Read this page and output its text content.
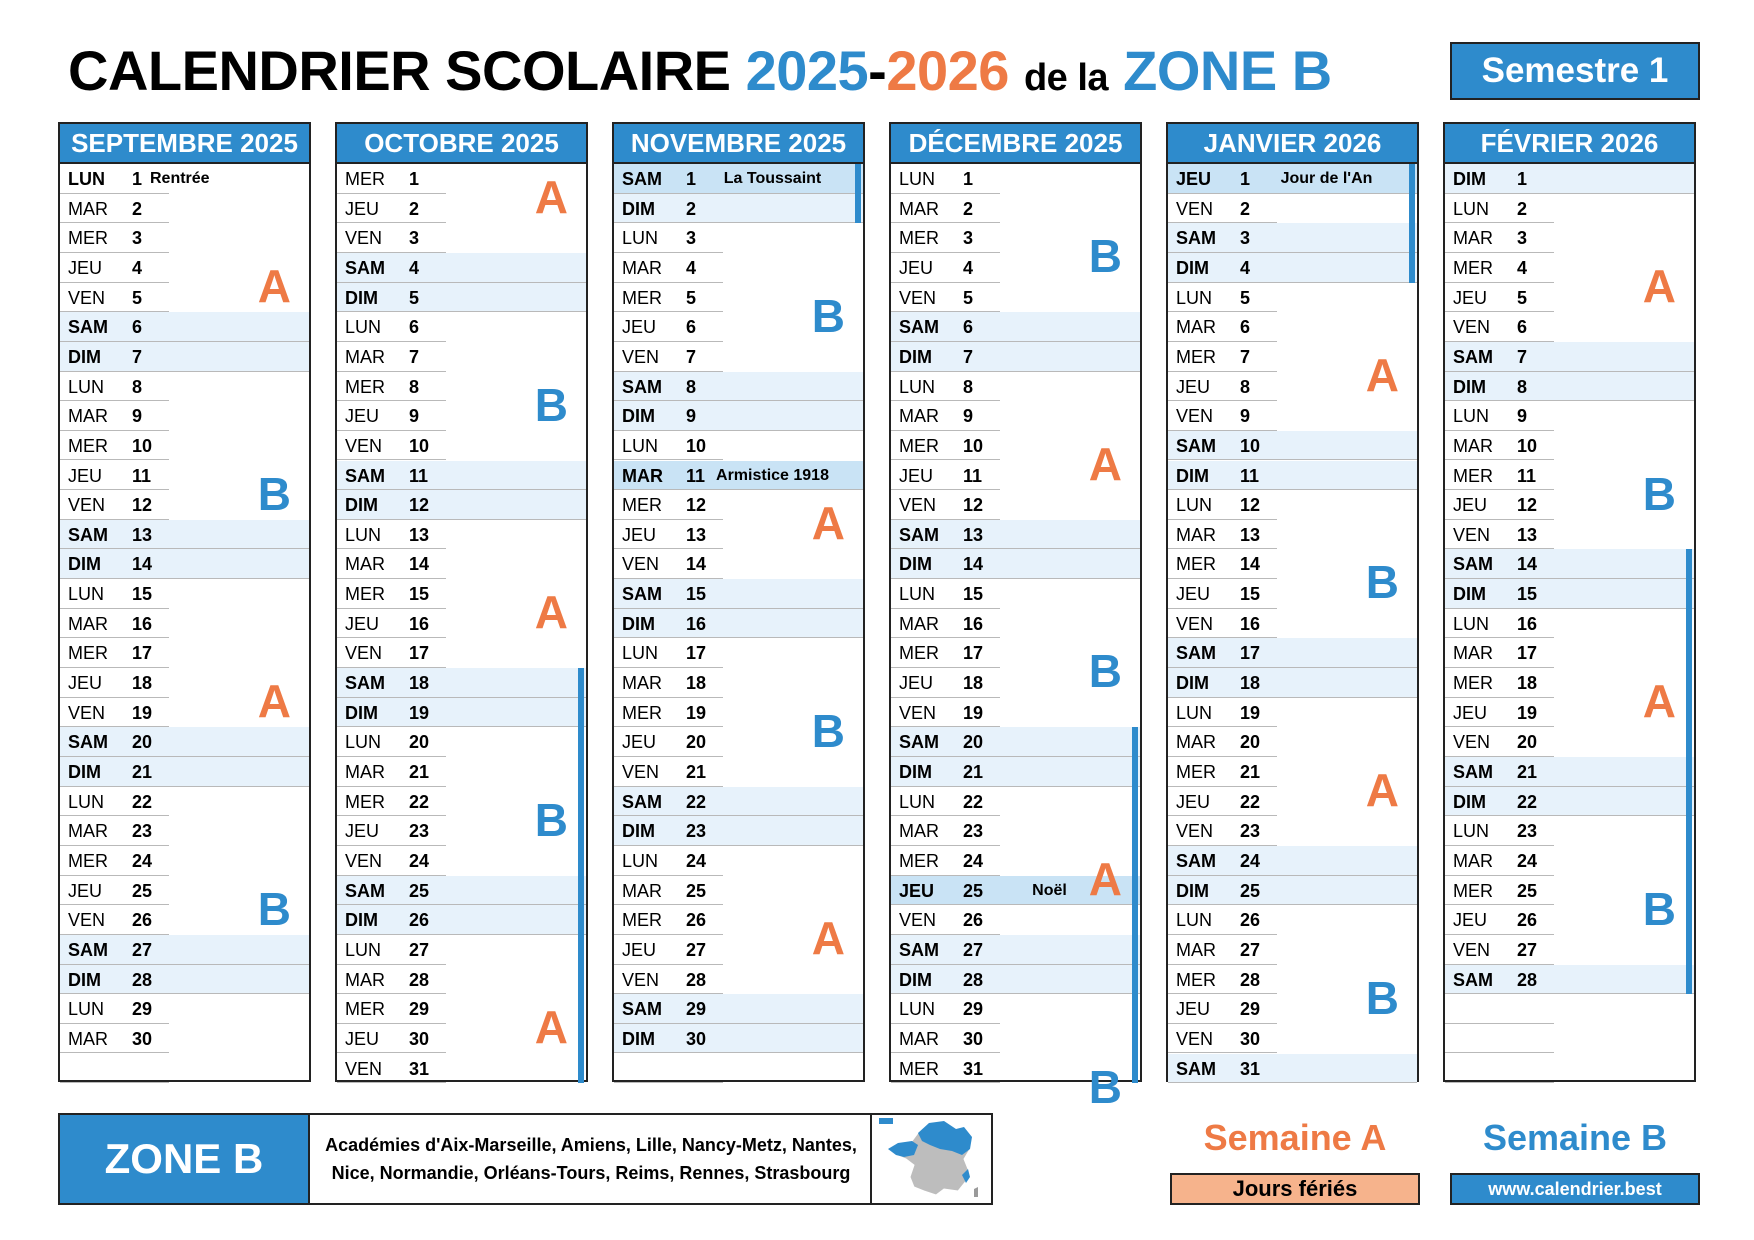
CALENDRIER SCOLAIRE 2025-2026 de la ZONE B	Semestre 1
SEPTEMBRE 2025
LUN 1 Rentrée
MAR 2
MER 3
JEU 4
VEN 5
SAM 6
DIM 7
LUN 8
MAR 9
MER 10
JEU 11
VEN 12
SAM 13
DIM 14
LUN 15
MAR 16
MER 17
JEU 18
VEN 19
SAM 20
DIM 21
LUN 22
MAR 23
MER 24
JEU 25
VEN 26
SAM 27
DIM 28
LUN 29
MAR 30
A
B
A
B
OCTOBRE 2025
MER 1
JEU 2
VEN 3
SAM 4
DIM 5
LUN 6
MAR 7
MER 8
JEU 9
VEN 10
SAM 11
DIM 12
LUN 13
MAR 14
MER 15
JEU 16
VEN 17
SAM 18
DIM 19
LUN 20
MAR 21
MER 22
JEU 23
VEN 24
SAM 25
DIM 26
LUN 27
MAR 28
MER 29
JEU 30
VEN 31
A
B
A
B
A
NOVEMBRE 2025
SAM 1	La Toussaint
DIM 2
LUN 3
MAR 4
MER 5
JEU 6
VEN 7
SAM 8
DIM 9
LUN 10
MAR 11 Armistice 1918
MER 12
JEU 13
VEN 14
SAM 15
DIM 16
LUN 17
MAR 18
MER 19
JEU 20
VEN 21
SAM 22
DIM 23
LUN 24
MAR 25
MER 26
JEU 27
VEN 28
SAM 29
DIM 30
B
A
B
A
DÉCEMBRE 2025
LUN 1
MAR 2
MER 3
JEU 4
VEN 5
SAM 6
DIM 7
LUN 8
MAR 9
MER 10
JEU 11
VEN 12
SAM 13
DIM 14
LUN 15
MAR 16
MER 17
JEU 18
VEN 19
SAM 20
DIM 21
LUN 22
MAR 23
MER 24
JEU 25	Noël
VEN 26
SAM 27
DIM 28
LUN 29
MAR 30
MER 31
B
A
B
A
B
JANVIER 2026
JEU 1	Jour de l'An
VEN 2
SAM 3
DIM 4
LUN 5
MAR 6
MER 7
JEU 8
VEN 9
SAM 10
DIM 11
LUN 12
MAR 13
MER 14
JEU 15
VEN 16
SAM 17
DIM 18
LUN 19
MAR 20
MER 21
JEU 22
VEN 23
SAM 24
DIM 25
LUN 26
MAR 27
MER 28
JEU 29
VEN 30
SAM 31
A
B
A
B
FÉVRIER 2026
DIM 1
LUN 2
MAR 3
MER 4
JEU 5
VEN 6
SAM 7
DIM 8
LUN 9
MAR 10
MER 11
JEU 12
VEN 13
SAM 14
DIM 15
LUN 16
MAR 17
MER 18
JEU 19
VEN 20
SAM 21
DIM 22
LUN 23
MAR 24
MER 25
JEU 26
VEN 27
SAM 28
A
B
A
B
ZONE B	Académies d'Aix-Marseille, Amiens, Lille, Nancy-Metz, Nantes, Nice, Normandie, Orléans-Tours, Reims, Rennes, Strasbourg
Semaine A	Semaine B
Jours fériés	www.calendrier.best
